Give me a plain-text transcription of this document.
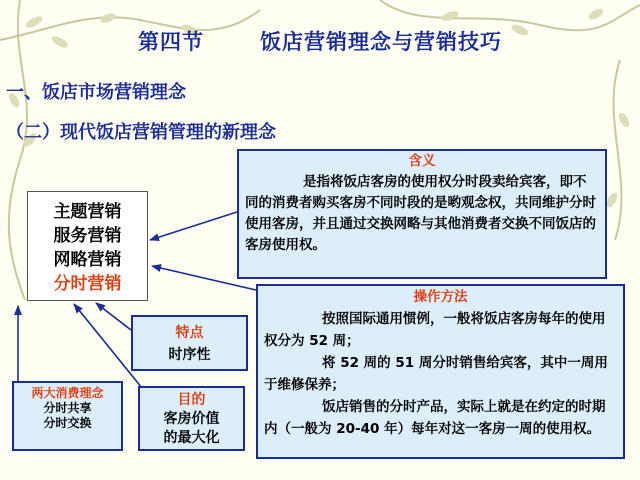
第四节	饭店营销理念与营销技巧
一、饭店市场营销理念
（二）现代饭店营销管理的新理念
主题营销
服务营销
网略营销
分时营销
含义
是指将饭店客房的使用权分时段卖给宾客，即不同的消费者购买客房不同时段的是哟观念权，共同维护分时使用客房，并且通过交换网略与其他消费者交换不同饭店的客房使用权。
操作方法
按照国际通用惯例，一般将饭店客房每年的使用权分为 52 周；
将 52 周的 51 周分时销售给宾客，其中一周用于维修保养；
饭店销售的分时产品，实际上就是在约定的时期内（一般为 20-40 年）每年对这一客房一周的使用权。
特点
时序性
目的
客房价值
的最大化
两大消费理念
分时共享
分时交换
